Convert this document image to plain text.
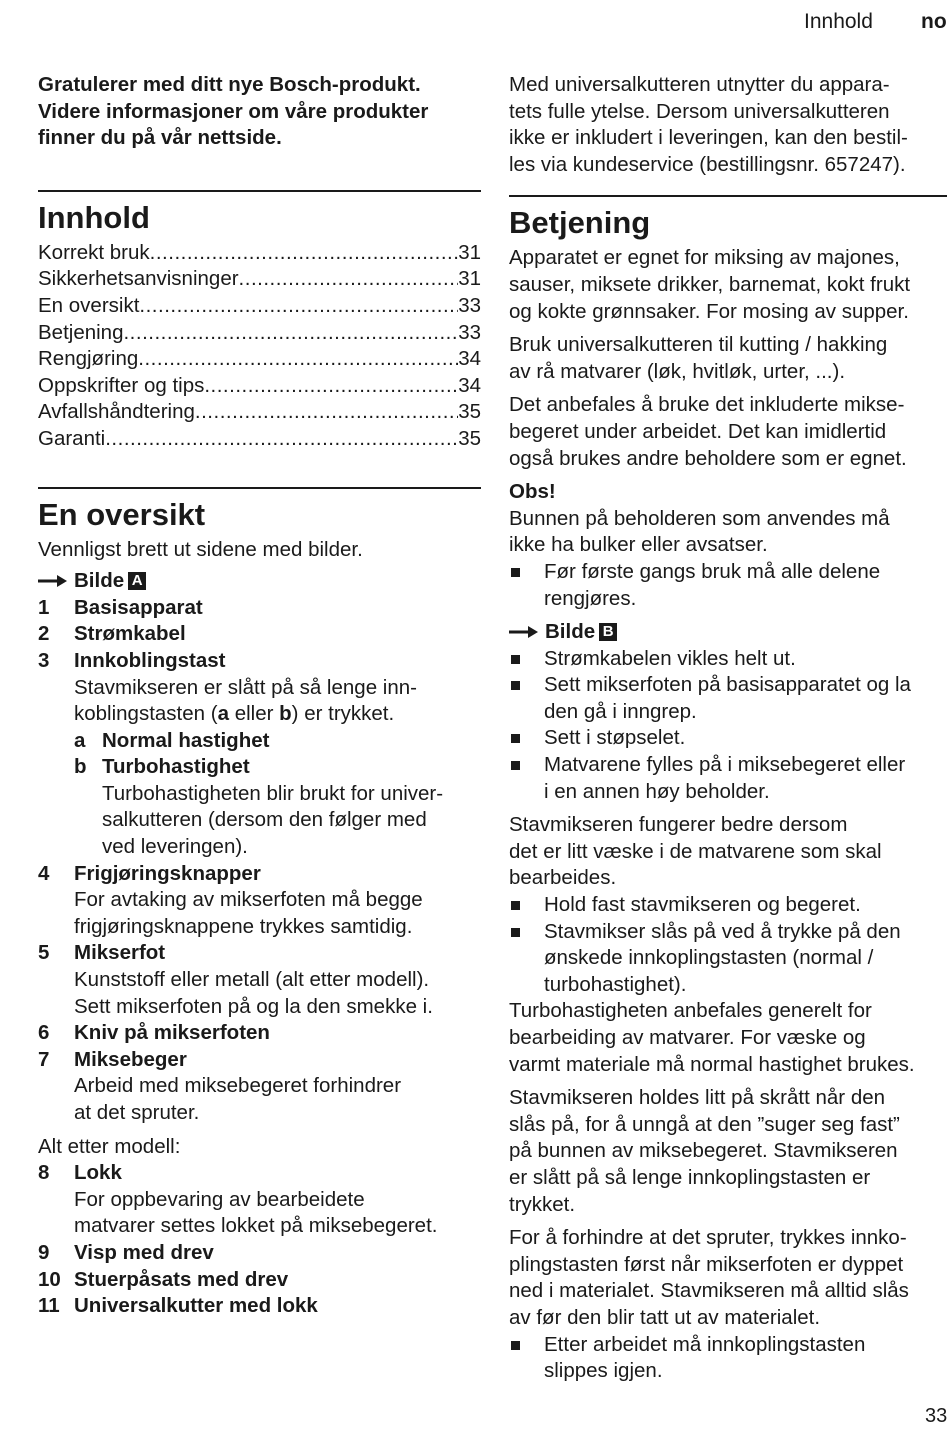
Innhold no

Gratulerer med ditt nye Bosch-produkt. Videre informasjoner om våre produkter finner du på vår nettside.

Innhold
Korrekt bruk .....	31
Sikkerhetsanvisninger .....	31
En oversikt .....	33
Betjening .....	33
Rengjøring .....	34
Oppskrifter og tips .....	34
Avfallshåndtering .....	35
Garanti .....	35
En oversikt
Vennligst brett ut sidene med bilder.
Bilde A
1	Basisapparat
2	Strømkabel
3	Innkoblingstast
Stavmikseren er slått på så lenge inn-
koblingstasten (a eller b) er trykket.
a Normal hastighet
b Turbohastighet
Turbohastigheten blir brukt for univer-
salkutteren (dersom den følger med
ved leveringen).
4	Frigjøringsknapper
For avtaking av mikserfoten må begge
frigjøringsknappene trykkes samtidig.
5	Mikserfot
Kunststoff eller metall (alt etter modell).
Sett mikserfoten på og la den smekke i.
6	Kniv på mikserfoten
7	Miksebeger
Arbeid med miksebegeret forhindrer
at det spruter.
Alt etter modell:
8	Lokk
For oppbevaring av bearbeidete
matvarer settes lokket på miksebegeret.
9	Visp med drev
10 Stuerpåsats med drev
11 Universalkutter med lokk
Med universalkutteren utnytter du appara-
tets fulle ytelse. Dersom universalkutteren
ikke er inkludert i leveringen, kan den bestil-
les via kundeservice (bestillingsnr. 657247).
Betjening
Apparatet er egnet for miksing av majones,
sauser, miksete drikker, barnemat, kokt frukt
og kokte grønnsaker. For mosing av supper.
Bruk universalkutteren til kutting / hakking
av rå matvarer (løk, hvitløk, urter, ...).
Det anbefales å bruke det inkluderte mikse-
begeret under arbeidet. Det kan imidlertid
også brukes andre beholdere som er egnet.
Obs!
Bunnen på beholderen som anvendes må
ikke ha bulker eller avsatser.
Før første gangs bruk må alle delene
rengjøres.
Bilde B
Strømkabelen vikles helt ut.
Sett mikserfoten på basisapparatet og la
den gå i inngrep.
Sett i støpselet.
Matvarene fylles på i miksebegeret eller
i en annen høy beholder.
Stavmikseren fungerer bedre dersom
det er litt væske i de matvarene som skal
bearbeides.
Hold fast stavmikseren og begeret.
Stavmikser slås på ved å trykke på den
ønskede innkoplingstasten (normal /
turbohastighet).
Turbohastigheten anbefales generelt for
bearbeiding av matvarer. For væske og
varmt materiale må normal hastighet brukes.
Stavmikseren holdes litt på skrått når den
slås på, for å unngå at den ”suger seg fast”
på bunnen av miksebegeret. Stavmikseren
er slått på så lenge innkoplingstasten er
trykket.
For å forhindre at det spruter, trykkes innko-
plingstasten først når mikserfoten er dyppet
ned i materialet. Stavmikseren må alltid slås
av før den blir tatt ut av materialet.
Etter arbeidet må innkoplingstasten
slippes igjen.
33
